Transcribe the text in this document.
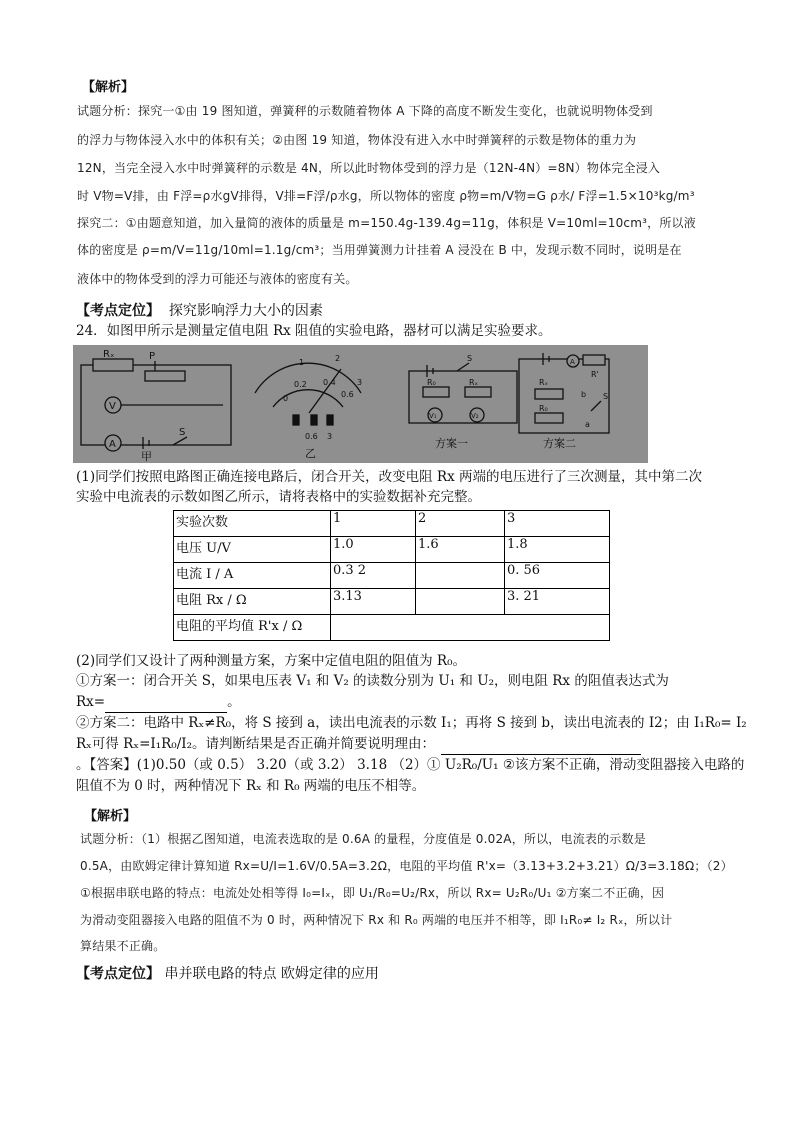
【解析】
试题分析：探究一①由 19 图知道，弹簧秤的示数随着物体 A 下降的高度不断发生变化，也就说明物体受到
的浮力与物体浸入水中的体积有关；②由图 19 知道，物体没有进入水中时弹簧秤的示数是物体的重力为
12N，当完全浸入水中时弹簧秤的示数是 4N，所以此时物体受到的浮力是（12N-4N）=8N）物体完全浸入
时 V物=V排，由 F浮=ρ水gV排得，V排=F浮/ρ水g，所以物体的密度 ρ物=m/V物=G ρ水/ F浮=1.5×10³kg/m³
探究二：①由题意知道，加入量简的液体的质量是 m=150.4g-139.4g=11g，体积是 V=10ml=10cm³，所以液
体的密度是 ρ=m/V=11g/10ml=1.1g/cm³；当用弹簧测力计挂着 A 浸没在 B 中，发现示数不同时，说明是在
液体中的物体受到的浮力可能还与液体的密度有关。
【考点定位】 探究影响浮力大小的因素
24．如图甲所示是测量定值电阻 Rx 阻值的实验电路，器材可以满足实验要求。
Rₓ	P
V
A
S
甲
0
0.2 0.4
0.6
1	2
3
0.6 3
乙
R₀	Rₓ
S
V₁	V₂
方案一
A
R'
Rₓ
R₀
b
a
S
方案二
(1)同学们按照电路图正确连接电路后，闭合开关，改变电阻 Rx 两端的电压进行了三次测量，其中第二次
实验中电流表的示数如图乙所示，请将表格中的实验数据补充完整。
实验次数	1	2	3
电压 U/V	1.0	1.6	1.8
电流 I / A	0.3 2		0. 56
电阻 Rx / Ω	3.13		3. 21
电阻的平均值 R'x / Ω			
(2)同学们又设计了两种测量方案，方案中定值电阻的阻值为 R₀。
①方案一：闭合开关 S，如果电压表 V₁ 和 V₂ 的读数分别为 U₁ 和 U₂，则电阻 Rx 的阻值表达式为
Rx=	。
②方案二：电路中 Rₓ≠R₀，将 S 接到 a，读出电流表的示数 I₁；再将 S 接到 b，读出电流表的 I2；由 I₁R₀= I₂
Rₓ可得 Rₓ=I₁R₀/I₂。请判断结果是否正确并简要说明理由：
。【答案】(1)0.50（或 0.5） 3.20（或 3.2） 3.18 （2）① U₂R₀/U₁ ②该方案不正确，滑动变阻器接入电路的
阻值不为 0 时，两种情况下 Rₓ 和 R₀ 两端的电压不相等。
【解析】
试题分析：（1）根据乙图知道，电流表选取的是 0.6A 的量程，分度值是 0.02A，所以，电流表的示数是
0.5A，由欧姆定律计算知道 Rx=U/I=1.6V/0.5A=3.2Ω，电阻的平均值 R'x=（3.13+3.2+3.21）Ω/3=3.18Ω；（2）
①根据串联电路的特点：电流处处相等得 I₀=Iₓ，即 U₁/R₀=U₂/Rx，所以 Rx= U₂R₀/U₁ ②方案二不正确，因
为滑动变阻器接入电路的阻值不为 0 时，两种情况下 Rx 和 R₀ 两端的电压并不相等，即 I₁R₀≠ I₂ Rₓ，所以计
算结果不正确。
【考点定位】 串并联电路的特点 欧姆定律的应用
